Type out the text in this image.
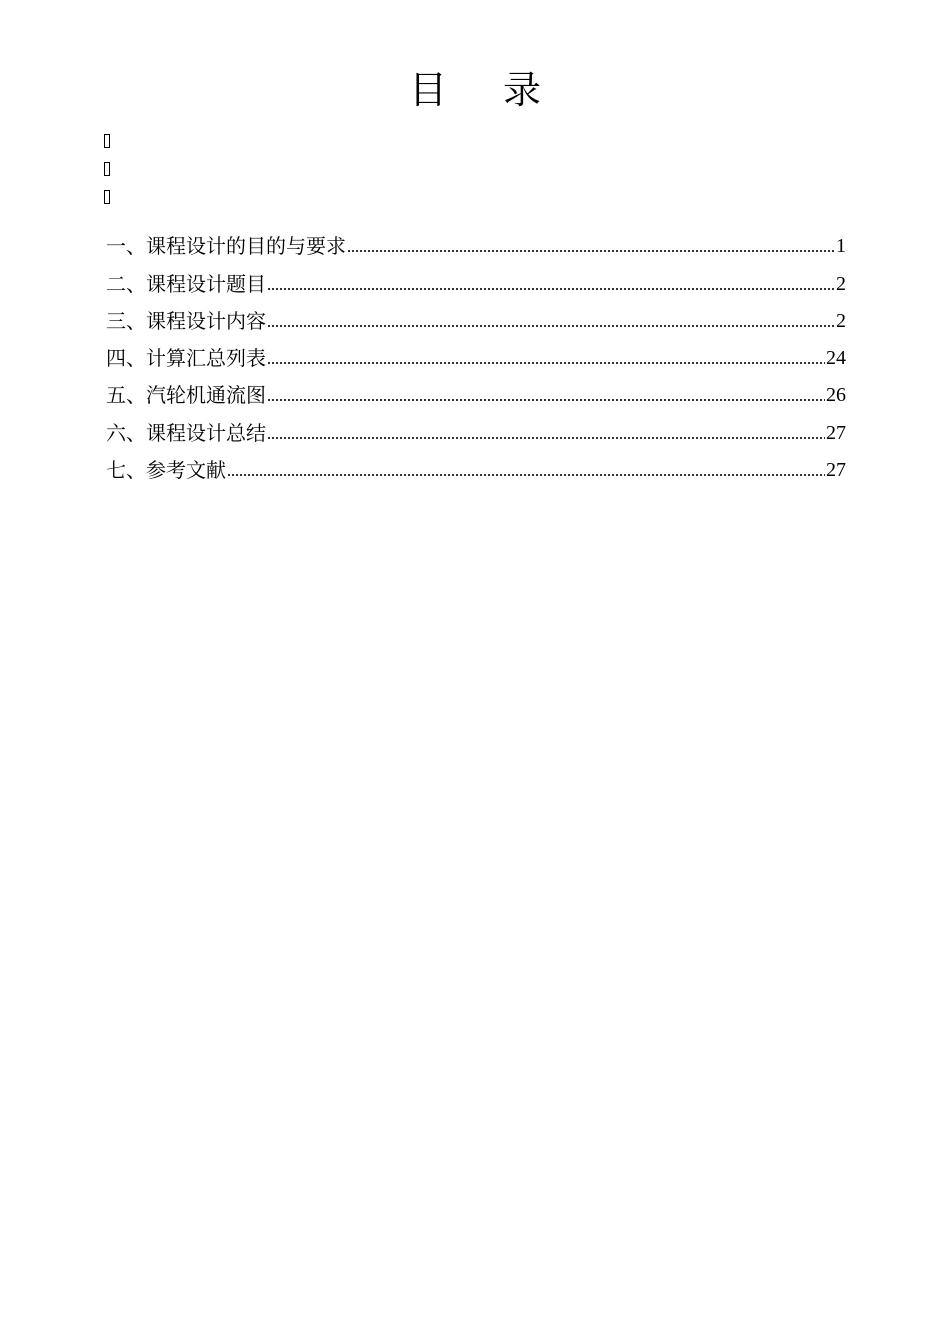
目 录
一、课程设计的目的与要求	1
二、课程设计题目	2
三、课程设计内容	2
四、计算汇总列表	24
五、汽轮机通流图	26
六、课程设计总结	27
七、参考文献	27
